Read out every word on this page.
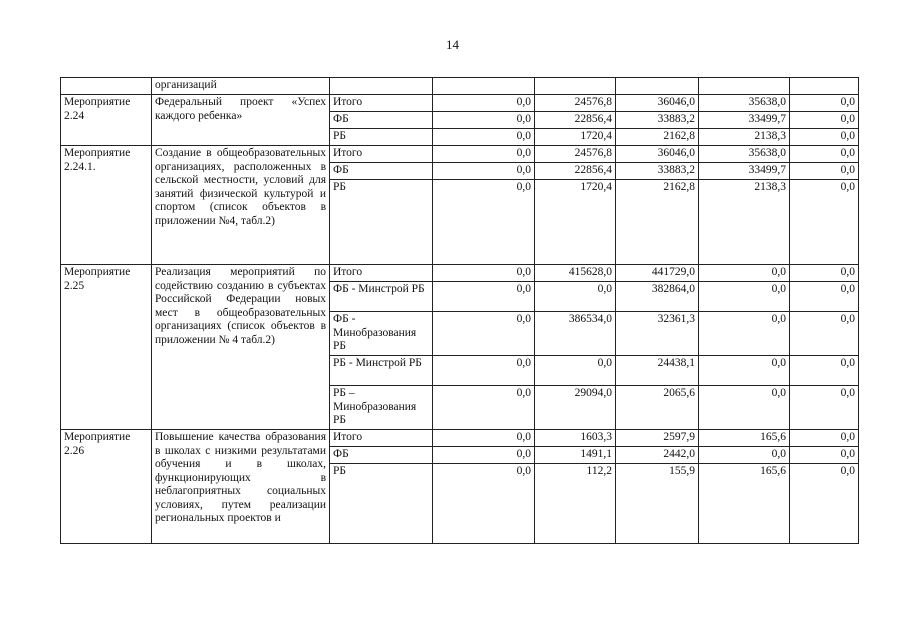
14
	организаций						
Мероприятие 2.24	Федеральный проект «Успех каждого ребенка»	Итого	0,0	24576,8	36046,0	35638,0	0,0
		ФБ	0,0	22856,4	33883,2	33499,7	0,0
		РБ	0,0	1720,4	2162,8	2138,3	0,0
Мероприятие 2.24.1.	Создание в общеобразовательных организациях, расположенных в сельской местности, условий для занятий физической культурой и спортом (список объектов в приложении №4, табл.2)	Итого	0,0	24576,8	36046,0	35638,0	0,0
		ФБ	0,0	22856,4	33883,2	33499,7	0,0
		РБ	0,0	1720,4	2162,8	2138,3	0,0
Мероприятие 2.25	Реализация мероприятий по содействию созданию в субъектах Российской Федерации новых мест в общеобразовательных организациях (список объектов в приложении № 4 табл.2)	Итого	0,0	415628,0	441729,0	0,0	0,0
		ФБ - Минстрой РБ	0,0	0,0	382864,0	0,0	0,0
		ФБ - Минобразования РБ	0,0	386534,0	32361,3	0,0	0,0
		РБ - Минстрой РБ	0,0	0,0	24438,1	0,0	0,0
		РБ – Минобразования РБ	0,0	29094,0	2065,6	0,0	0,0
Мероприятие 2.26	Повышение качества образования в школах с низкими результатами обучения и в школах, функционирующих в неблагоприятных социальных условиях, путем реализации региональных проектов и	Итого	0,0	1603,3	2597,9	165,6	0,0
		ФБ	0,0	1491,1	2442,0	0,0	0,0
		РБ	0,0	112,2	155,9	165,6	0,0
